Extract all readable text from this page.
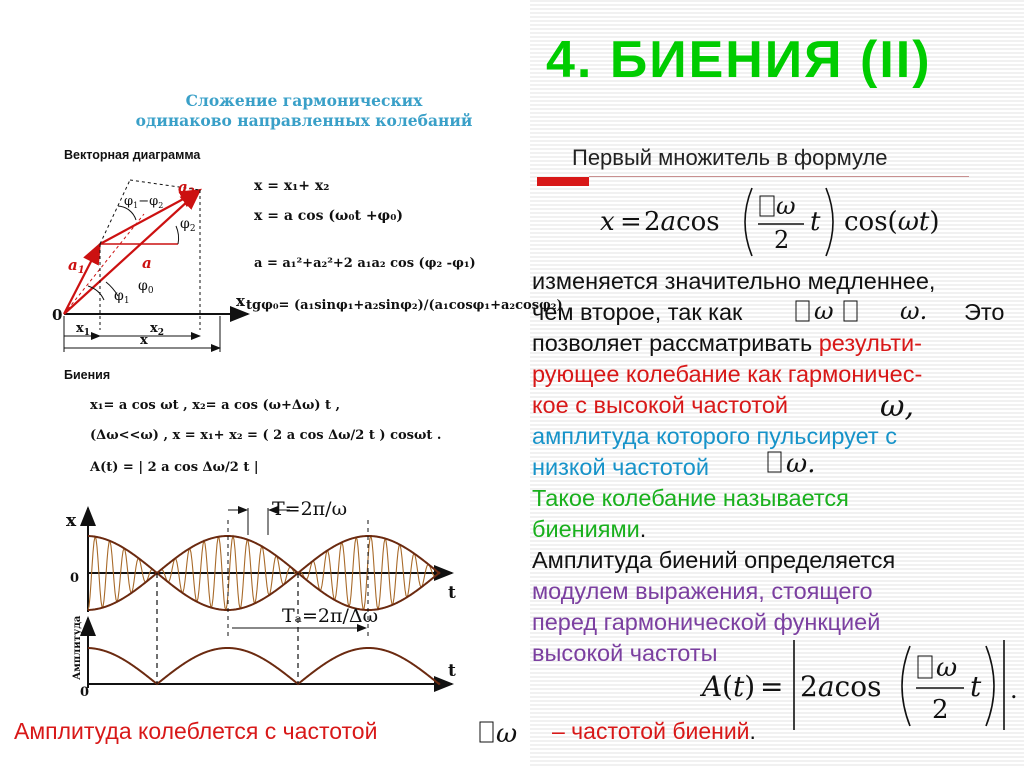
Сложение гармонических
одинаково направленных колебаний
Векторная диаграмма
Биения
0
x
$a_1$
$a_2$
a
$\varphi_1$
$\varphi_0$
$\varphi_2$
$\varphi_1-\varphi_2$
$x_1$	$x_2$
x
x = x₁+ x₂
x = a cos (ω₀t +φ₀)
a = a₁²+a₂²+2 a₁a₂ cos (φ₂ -φ₁)
tgφ₀= (a₁sinφ₁+a₂sinφ₂)/(a₁cosφ₁+a₂cosφ₂)
x₁= a cos ωt , x₂= a cos (ω+Δω) t ,
(Δω<<ω) , x = x₁+ x₂ = ( 2 a cos Δω/2 t ) cosωt .
A(t) = | 2 a cos Δω/2 t |
x
t
t
0
0
Амплитуда
T=2π/ω
Tₐ=2π/Δω
4. БИЕНИЯ (II)
Первый множитель в формуле
x = 2acos
ω
2
t cos(ωt)
изменяется значительно медленнее,
чем второе, так как	ω	ω. Это
позволяет рассматривать результи-
рующее колебание как гармоничес-
кое с высокой частотой	ω,
амплитуда которого пульсирует с
низкой частотой	ω.
Такое колебание называется
биениями.
Амплитуда биений определяется
модулем выражения, стоящего
перед гармонической функцией
высокой частоты
A (t) = 2acos
ω
2
t .
Амплитуда колеблется с частотой	ω – частотой биений.
